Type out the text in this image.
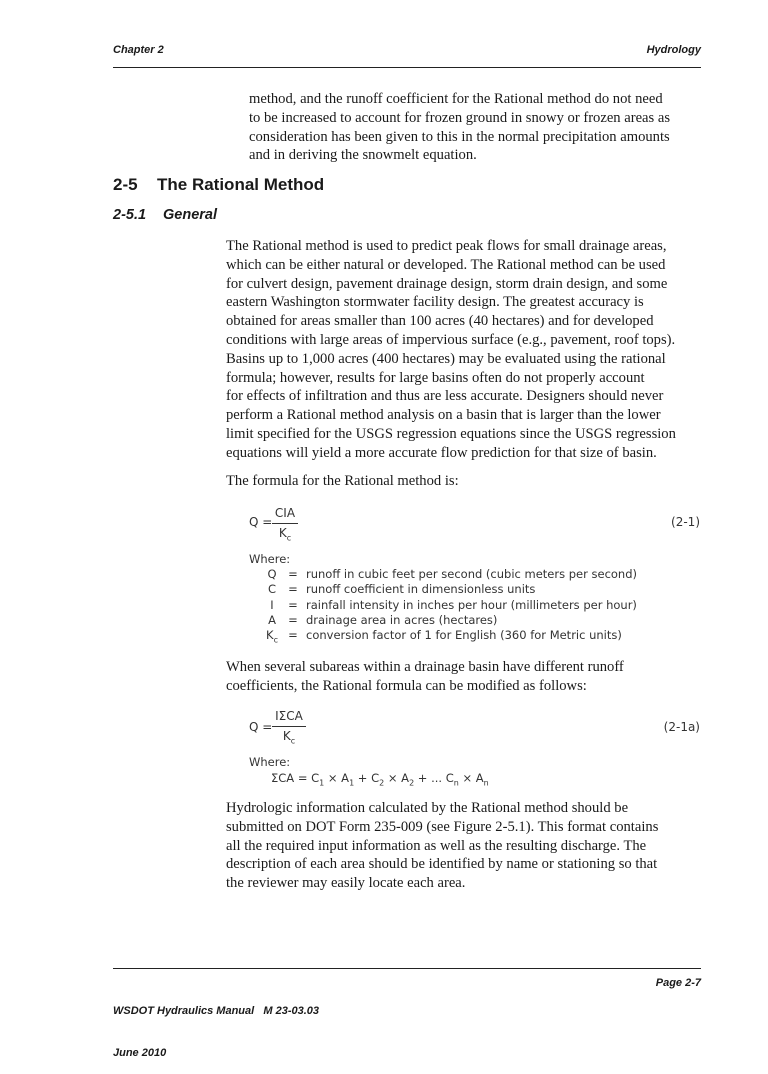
Chapter 2	Hydrology
method, and the runoff coefficient for the Rational method do not need
to be increased to account for frozen ground in snowy or frozen areas as
consideration has been given to this in the normal precipitation amounts
and in deriving the snowmelt equation.
2-5 The Rational Method
2-5.1 General
The Rational method is used to predict peak flows for small drainage areas,
which can be either natural or developed. The Rational method can be used
for culvert design, pavement drainage design, storm drain design, and some
eastern Washington stormwater facility design. The greatest accuracy is
obtained for areas smaller than 100 acres (40 hectares) and for developed
conditions with large areas of impervious surface (e.g., pavement, roof tops).
Basins up to 1,000 acres (400 hectares) may be evaluated using the rational
formula; however, results for large basins often do not properly account
for effects of infiltration and thus are less accurate. Designers should never
perform a Rational method analysis on a basin that is larger than the lower
limit specified for the USGS regression equations since the USGS regression
equations will yield a more accurate flow prediction for that size of basin.
The formula for the Rational method is:
Q =
CIA
$K_c$
(2-1)
Where:
Q	= runoff in cubic feet per second (cubic meters per second)
C	= runoff coefficient in dimensionless units
I	= rainfall intensity in inches per hour (millimeters per hour)
A	= drainage area in acres (hectares)
$K_c$ = conversion factor of 1 for English (360 for Metric units)
When several subareas within a drainage basin have different runoff
coefficients, the Rational formula can be modified as follows:
Q =
IΣCA
$K_c$
(2-1a)
Where:
$\Sigma CA = C_1 \times A_1 + C_2 \times A_2$ + ... $C_n \times A_n$
Hydrologic information calculated by the Rational method should be
submitted on DOT Form 235-009 (see Figure 2-5.1). This format contains
all the required input information as well as the resulting discharge. The
description of each area should be identified by name or stationing so that
the reviewer may easily locate each area.

WSDOT Hydraulics Manual   M 23-03.03

June 2010

Page 2-7
